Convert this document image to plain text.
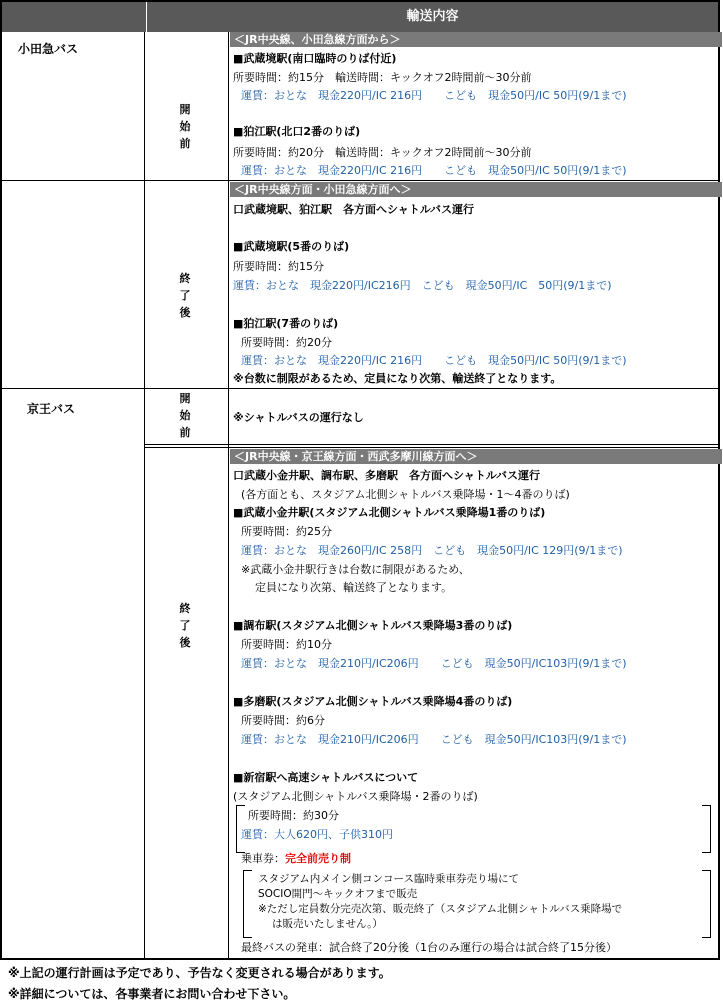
輸送内容
小田急バス
京王バス
開
始
前
終
了
後
開
始
前
終
了
後
＜JR中央線、小田急線方面から＞
■武蔵境駅(南口臨時のりば付近)
所要時間：約15分　輸送時間：キックオフ2時間前〜30分前
運賃：おとな　現金220円/IC 216円　　こども　現金50円/IC 50円(9/1まで)
■狛江駅(北口2番のりば)
所要時間：約20分　輸送時間：キックオフ2時間前〜30分前
運賃：おとな　現金220円/IC 216円　　こども　現金50円/IC 50円(9/1まで)
＜JR中央線方面・小田急線方面へ＞
口武蔵境駅、狛江駅　各方面へシャトルバス運行
■武蔵境駅(5番のりば)
所要時間：約15分
運賃：おとな　現金220円/IC216円　こども　現金50円/IC　50円(9/1まで)
■狛江駅(7番のりば)
所要時間：約20分
運賃：おとな　現金220円/IC 216円　　こども　現金50円/IC 50円(9/1まで)
※台数に制限があるため、定員になり次第、輸送終了となります。
※シャトルバスの運行なし
＜JR中央線・京王線方面・西武多摩川線方面へ＞
口武蔵小金井駅、調布駅、多磨駅　各方面へシャトルバス運行
(各方面とも、スタジアム北側シャトルバス乗降場・1〜4番のりば)
■武蔵小金井駅(スタジアム北側シャトルバス乗降場1番のりば)
所要時間：約25分
運賃：おとな　現金260円/IC 258円　こども　現金50円/IC 129円(9/1まで)
※武蔵小金井駅行きは台数に制限があるため、
定員になり次第、輸送終了となります。
■調布駅(スタジアム北側シャトルバス乗降場3番のりば)
所要時間：約10分
運賃：おとな　現金210円/IC206円　　こども　現金50円/IC103円(9/1まで)
■多磨駅(スタジアム北側シャトルバス乗降場4番のりば)
所要時間：約6分
運賃：おとな　現金210円/IC206円　　こども　現金50円/IC103円(9/1まで)
■新宿駅へ高速シャトルバスについて
(スタジアム北側シャトルバス乗降場・2番のりば)
所要時間：約30分
運賃：大人620円、子供310円
乗車券：完全前売り制
スタジアム内メイン側コンコース臨時乗車券売り場にて
SOCIO開門〜キックオフまで販売
※ただし定員数分完売次第、販売終了（スタジアム北側シャトルバス乗降場で
は販売いたしません。）
最終バスの発車：試合終了20分後（1台のみ運行の場合は試合終了15分後）
※上記の運行計画は予定であり、予告なく変更される場合があります。
※詳細については、各事業者にお問い合わせ下さい。
